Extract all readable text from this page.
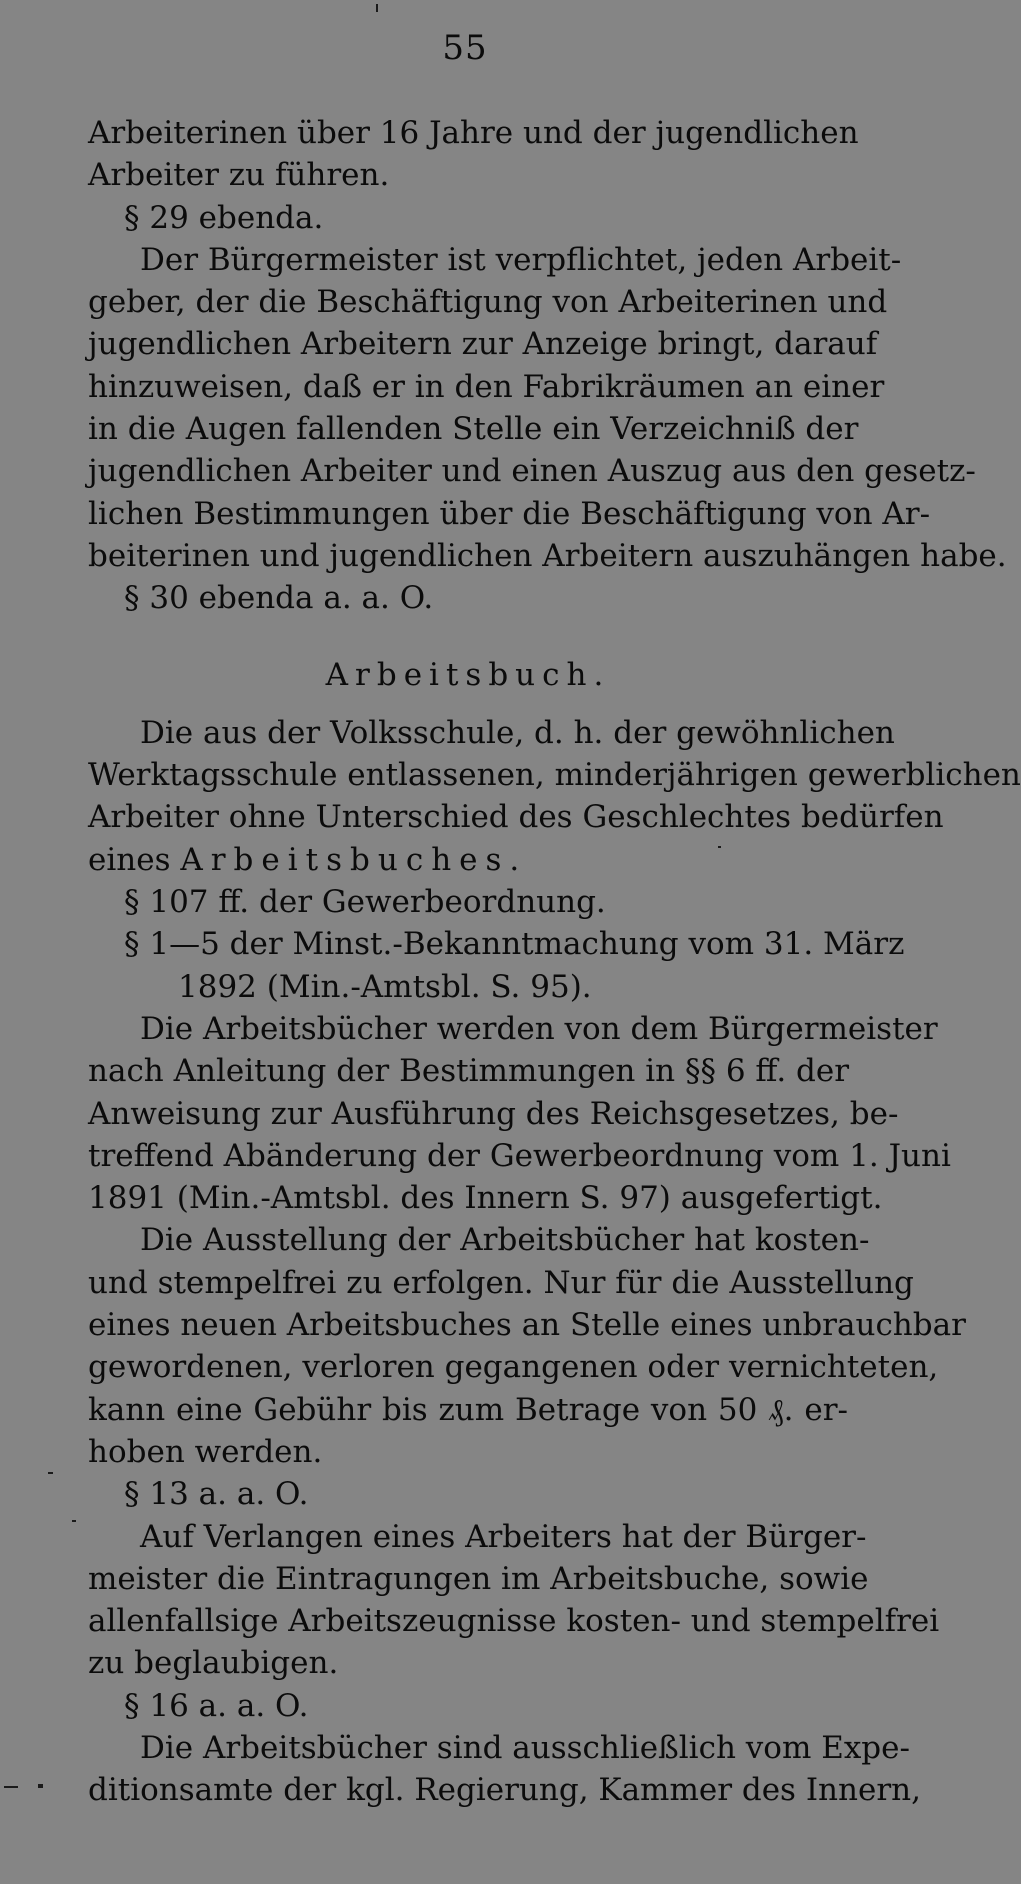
55
Arbeiterinen über 16 Jahre und der jugendlichen
Arbeiter zu führen.
§ 29 ebenda.
Der Bürgermeister ist verpflichtet, jeden Arbeit-
geber, der die Beschäftigung von Arbeiterinen und
jugendlichen Arbeitern zur Anzeige bringt, darauf
hinzuweisen, daß er in den Fabrikräumen an einer
in die Augen fallenden Stelle ein Verzeichniß der
jugendlichen Arbeiter und einen Auszug aus den gesetz-
lichen Bestimmungen über die Beschäftigung von Ar-
beiterinen und jugendlichen Arbeitern auszuhängen habe.
§ 30 ebenda a. a. O.
Arbeitsbuch.
Die aus der Volksschule, d. h. der gewöhnlichen
Werktagsschule entlassenen, minderjährigen gewerblichen
Arbeiter ohne Unterschied des Geschlechtes bedürfen
eines Arbeitsbuches.
§ 107 ff. der Gewerbeordnung.
§ 1—5 der Minst.-Bekanntmachung vom 31. März
1892 (Min.-Amtsbl. S. 95).
Die Arbeitsbücher werden von dem Bürgermeister
nach Anleitung der Bestimmungen in §§ 6 ff. der
Anweisung zur Ausführung des Reichsgesetzes, be-
treffend Abänderung der Gewerbeordnung vom 1. Juni
1891 (Min.-Amtsbl. des Innern S. 97) ausgefertigt.
Die Ausstellung der Arbeitsbücher hat kosten-
und stempelfrei zu erfolgen. Nur für die Ausstellung
eines neuen Arbeitsbuches an Stelle eines unbrauchbar
gewordenen, verloren gegangenen oder vernichteten,
kann eine Gebühr bis zum Betrage von 50 ₰. er-
hoben werden.
§ 13 a. a. O.
Auf Verlangen eines Arbeiters hat der Bürger-
meister die Eintragungen im Arbeitsbuche, sowie
allenfallsige Arbeitszeugnisse kosten- und stempelfrei
zu beglaubigen.
§ 16 a. a. O.
Die Arbeitsbücher sind ausschließlich vom Expe-
ditionsamte der kgl. Regierung, Kammer des Innern,
